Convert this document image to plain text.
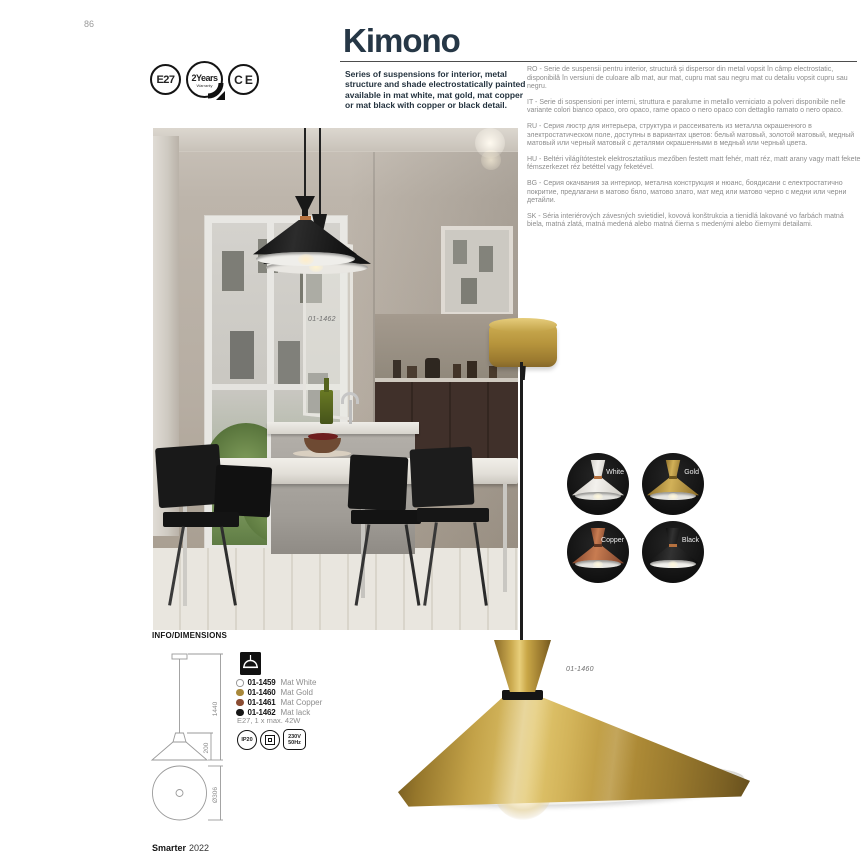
86
E27	2Years
Warranty	CE
Kimono
Series of suspensions for interior, metal structure and shade electrostatically painted available in mat white, mat gold, mat copper or mat black with copper or black detail.

RO - Serie de suspensii pentru interior, structură și dispersor din metal vopsit în câmp electrostatic, disponibilă în versiuni de culoare alb mat, aur mat, cupru mat sau negru mat cu detaliu vopsit cupru sau negru.

IT - Serie di sospensioni per interni, struttura e paralume in metallo verniciato a polveri disponibile nelle variante colori bianco opaco, oro opaco, rame opaco o nero opaco con dettaglio ramato o nero opaco.

RU - Серия люстр для интерьера, структура и рассеиватель из металла окрашенного в электростатическом поле, доступны в вариантах цветов: белый матовый, золотой матовый, медный матовый или черный матовый с деталями окрашенными в медный или черный цвета.

HU - Beltéri világítótestek elektrosztatikus mezőben festett matt fehér, matt réz, matt arany vagy matt fekete fémszerkezet réz betéttel vagy feketével.

BG - Серия окачвания за интериор, метална конструкция и нюанс, боядисани с електростатично покритие, предлагани в матово бяло, матово злато, мат мед или матово черно с медни или черни детайли.

SK - Séria interiérových závesných svietidiel, kovová konštrukcia a tienidlá lakované vo farbách matná biela, matná zlatá, matná medená alebo matná čierna s medenými alebo čiernymi detailami.

01-1462
White	Gold
Copper	Black
01-1460
INFO/DIMENSIONS
1440
200
Ø306
01-1459 Mat White
01-1460 Mat Gold
01-1461 Mat Copper
01-1462 Mat lack
E27, 1 x max. 42W
IP20	230V
50Hz
Smarter 2022
